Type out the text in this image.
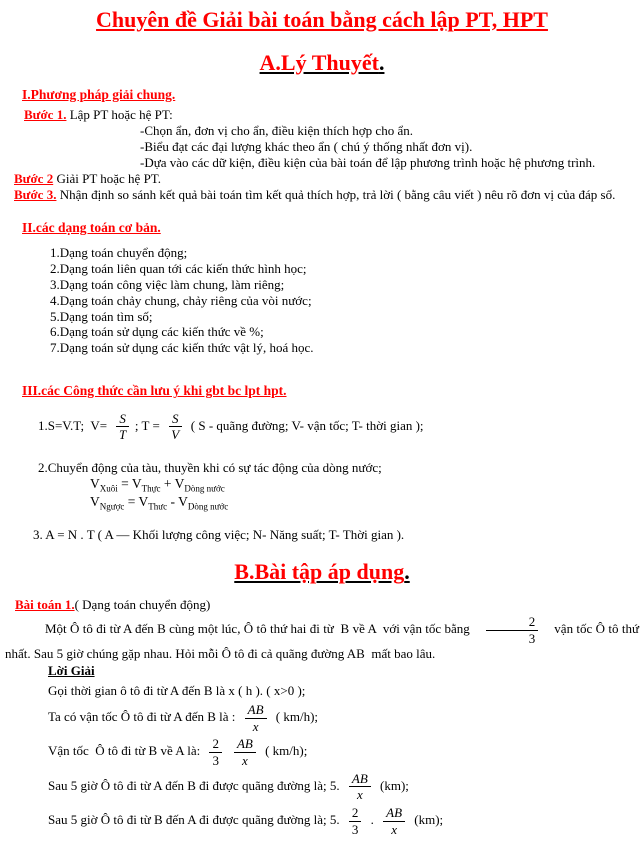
Chuyên đề Giải bài toán bằng cách lập PT, HPT

A.Lý Thuyết.

I.Phương pháp giải chung.

Bước 1. Lập PT hoặc hệ PT:

-Chọn ẩn, đơn vị cho ẩn, điều kiện thích hợp cho ẩn.

-Biểu đạt các đại lượng khác theo ẩn ( chú ý thống nhất đơn vị).

-Dựa vào các dữ kiện, điều kiện của bài toán để lập phương trình hoặc hệ phương trình.

Bước 2 Giải PT hoặc hệ PT.

Bước 3. Nhận định so sánh kết quả bài toán tìm kết quả thích hợp, trả lời ( bằng câu viết ) nêu rõ đơn vị của đáp số.

II.các dạng toán cơ bản.

1.Dạng toán chuyển động;

2.Dạng toán liên quan tới các kiến thức hình học;

3.Dạng toán công việc làm chung, làm riêng;

4.Dạng toán chảy chung, chảy riêng của vòi nước;

5.Dạng toán tìm số;

6.Dạng toán sử dụng các kiến thức về %;

7.Dạng toán sử dụng các kiến thức vật lý, hoá học.

III.các Công thức cần lưu ý khi gbt bc lpt hpt.

1.S=V.T;  $V= \frac{S}{T}$ ; $T = \frac{S}{V}$ ( S - quãng đường; V- vận tốc; T- thời gian );

2.Chuyển động của tàu, thuyền khi có sự tác động của dòng nước;

$V_{Xuôi} = V_{Thực} + V_{Dòng nước}$

$V_{Ngược} = V_{Thưc} - V_{Dòng nước}$

3. A = N . T ( A — Khối lượng công việc; N- Năng suất; T- Thời gian ).

B.Bài tập áp dụng.

Bài toán 1.( Dạng toán chuyển động)

Một Ô tô đi từ A đến B cùng một lúc, Ô tô thứ hai đi từ  B về A  với vận tốc bằng $\frac{2}{3}$ vận tốc Ô tô thứ nhất. Sau 5 giờ chúng gặp nhau. Hỏi mỗi Ô tô đi cả quãng đường AB  mất bao lâu.

Lời Giải

Gọi thời gian ô tô đi từ A đến B là x ( h ). ( x>0 );

Ta có vận tốc Ô tô đi từ A đến B là : $\frac{AB}{x}$ ( km/h);

Vận tốc  Ô tô đi từ B về A là: $\frac{2}{3} \frac{AB}{x}$ ( km/h);

Sau 5 giờ Ô tô đi từ A đến B đi được quãng đường là; 5. $\frac{AB}{x} (km)$;

Sau 5 giờ Ô tô đi từ B đến A đi được quãng đường là; 5. $\frac{2}{3}$ . $\frac{AB}{x} (km)$;
